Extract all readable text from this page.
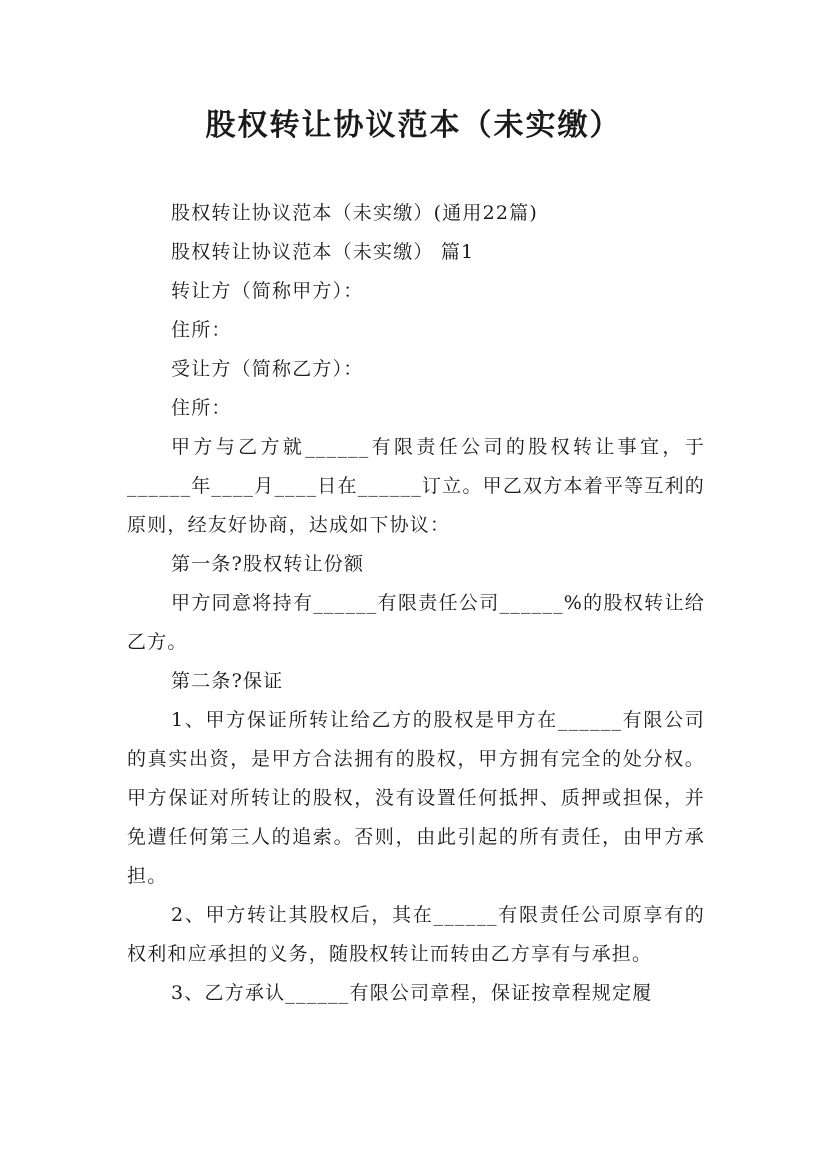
股权转让协议范本（未实缴）

股权转让协议范本（未实缴）(通用22篇)

股权转让协议范本（未实缴） 篇1

转让方（简称甲方）：

住所：

受让方（简称乙方）：

住所：

甲方与乙方就______有限责任公司的股权转让事宜，于______年____月____日在______订立。甲乙双方本着平等互利的原则，经友好协商，达成如下协议：

第一条?股权转让份额

甲方同意将持有______有限责任公司______%的股权转让给乙方。

第二条?保证

1、甲方保证所转让给乙方的股权是甲方在______有限公司的真实出资，是甲方合法拥有的股权，甲方拥有完全的处分权。甲方保证对所转让的股权，没有设置任何抵押、质押或担保，并免遭任何第三人的追索。否则，由此引起的所有责任，由甲方承担。

2、甲方转让其股权后，其在______有限责任公司原享有的权利和应承担的义务，随股权转让而转由乙方享有与承担。

3、乙方承认______有限公司章程，保证按章程规定履
